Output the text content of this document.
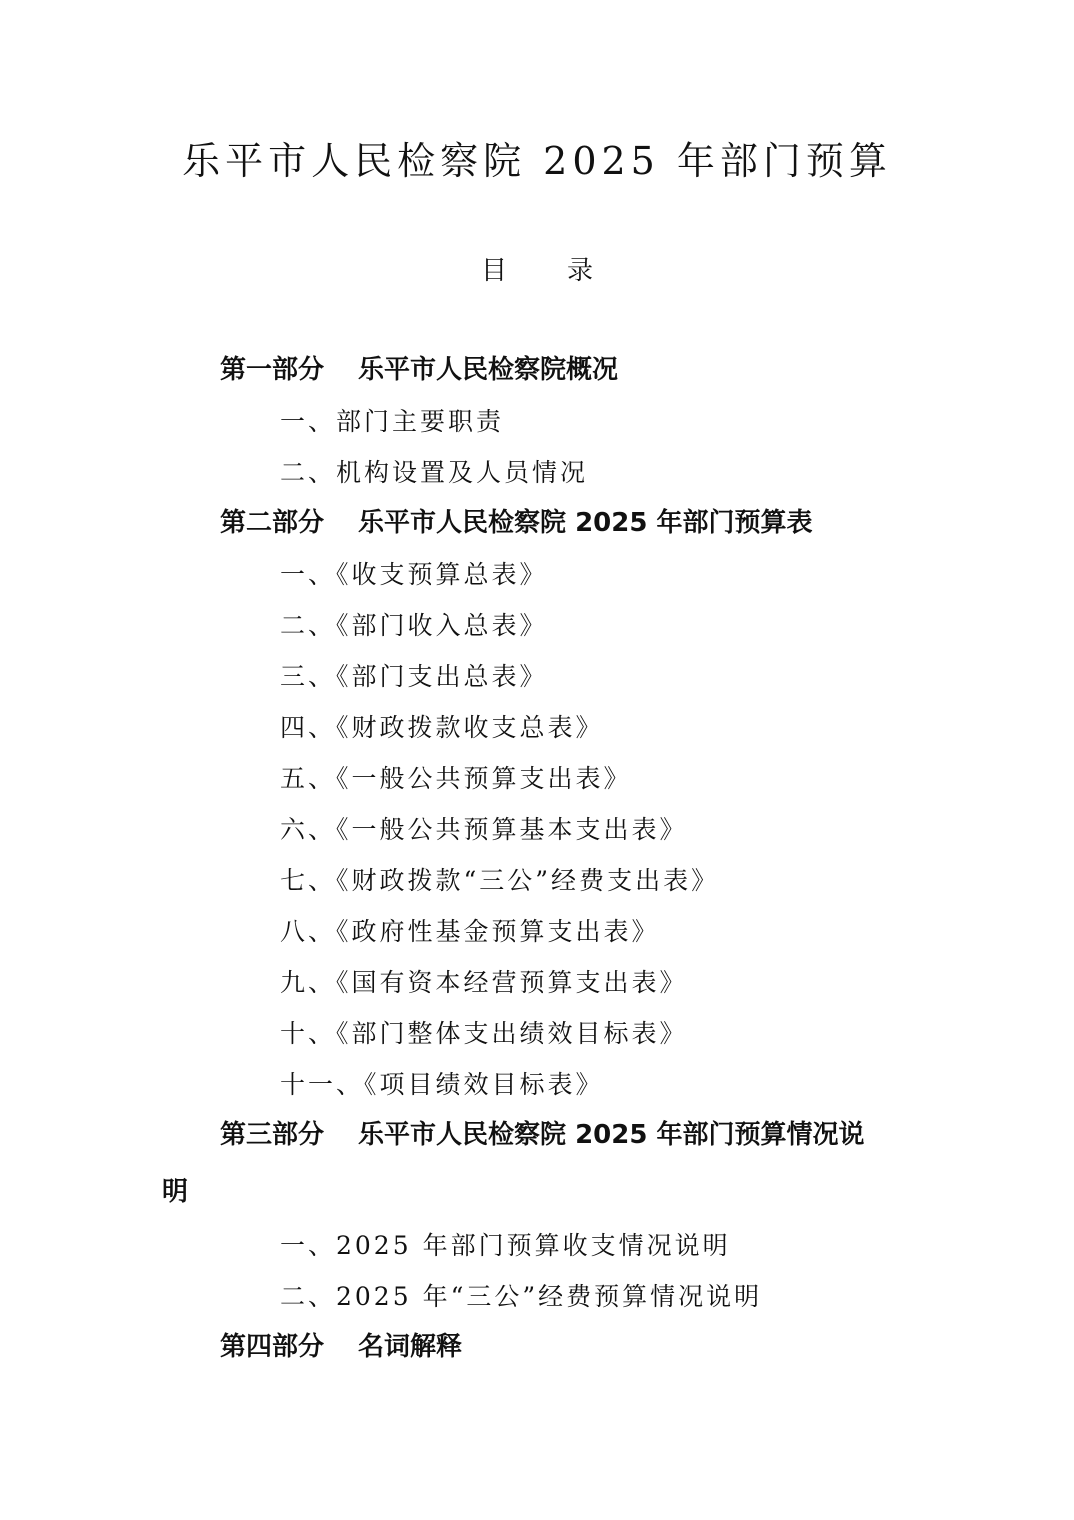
乐平市人民检察院 2025 年部门预算
目 录
第一部分 乐平市人民检察院概况
一、部门主要职责
二、机构设置及人员情况
第二部分 乐平市人民检察院 2025 年部门预算表
一、《收支预算总表》
二、《部门收入总表》
三、《部门支出总表》
四、《财政拨款收支总表》
五、《一般公共预算支出表》
六、《一般公共预算基本支出表》
七、《财政拨款“三公”经费支出表》
八、《政府性基金预算支出表》
九、《国有资本经营预算支出表》
十、《部门整体支出绩效目标表》
十一、《项目绩效目标表》
第三部分 乐平市人民检察院 2025 年部门预算情况说
明
一、2025 年部门预算收支情况说明
二、2025 年“三公”经费预算情况说明
第四部分 名词解释
